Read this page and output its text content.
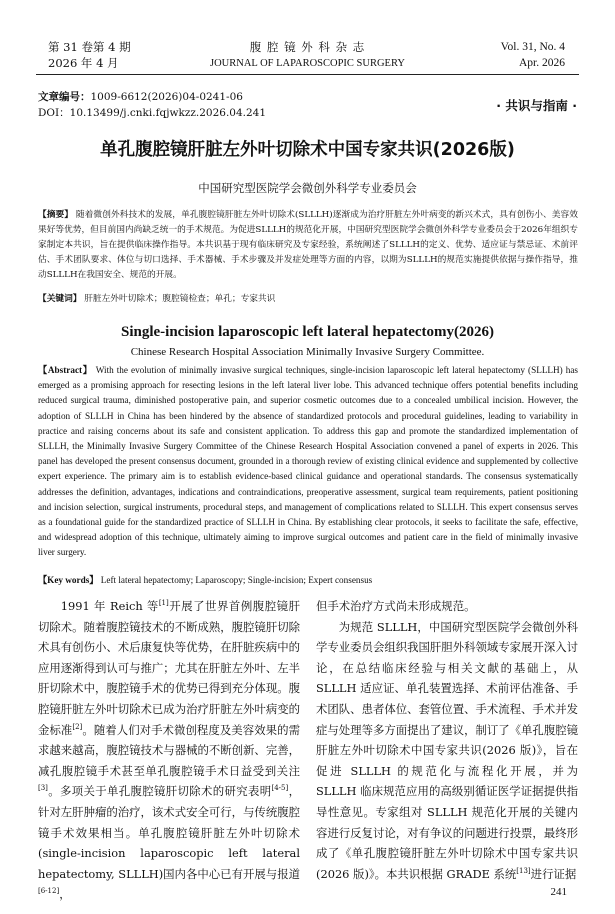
第 31 卷第 4 期
2026 年 4 月
腹 腔 镜 外 科 杂 志
JOURNAL OF LAPAROSCOPIC SURGERY
Vol. 31, No. 4
Apr. 2026
文章编号：1009-6612(2026)04-0241-06
DOI：10.13499/j.cnki.fqjwkzz.2026.04.241	· 共识与指南 ·
单孔腹腔镜肝脏左外叶切除术中国专家共识(2026版)
中国研究型医院学会微创外科学专业委员会
【摘要】 随着微创外科技术的发展，单孔腹腔镜肝脏左外叶切除术(SLLLH)逐渐成为治疗肝脏左外叶病变的新兴术式，具有创伤小、美容效果好等优势，但目前国内尚缺乏统一的手术规范。为促进SLLLH的规范化开展，中国研究型医院学会微创外科学专业委员会于2026年组织专家制定本共识，旨在提供临床操作指导。本共识基于现有临床研究及专家经验，系统阐述了SLLLH的定义、优势、适应证与禁忌证、术前评估、手术团队要求、体位与切口选择、手术器械、手术步骤及并发症处理等方面的内容，以期为SLLLH的规范实施提供依据与操作指导，推动SLLLH在我国安全、规范的开展。
【关键词】 肝脏左外叶切除术；腹腔镜检查；单孔；专家共识
Single-incision laparoscopic left lateral hepatectomy(2026)
Chinese Research Hospital Association Minimally Invasive Surgery Committee.
【Abstract】 With the evolution of minimally invasive surgical techniques, single-incision laparoscopic left lateral hepatectomy (SLLLH) has emerged as a promising approach for resecting lesions in the left lateral liver lobe. This advanced technique offers potential benefits including reduced surgical trauma, diminished postoperative pain, and superior cosmetic outcomes due to a concealed umbilical incision. However, the adoption of SLLLH in China has been hindered by the absence of standardized protocols and procedural guidelines, leading to variability in practice and raising concerns about its safe and consistent application. To address this gap and promote the standardized implementation of SLLLH, the Minimally Invasive Surgery Committee of the Chinese Research Hospital Association convened a panel of experts in 2026. This panel has developed the present consensus document, grounded in a thorough review of existing clinical evidence and supplemented by collective expert experience. The primary aim is to establish evidence-based clinical guidance and operational standards. The consensus systematically addresses the definition, advantages, indications and contraindications, preoperative assessment, surgical team requirements, patient positioning and incision selection, surgical instruments, procedural steps, and management of complications related to SLLLH. This expert consensus serves as a foundational guide for the standardized practice of SLLLH in China. By establishing clear protocols, it seeks to facilitate the safe, effective, and widespread adoption of this technique, ultimately aiming to improve surgical outcomes and patient care in the field of minimally invasive liver surgery.
【Key words】 Left lateral hepatectomy; Laparoscopy; Single-incision; Expert consensus

1991 年 Reich 等[1]开展了世界首例腹腔镜肝切除术。随着腹腔镜技术的不断成熟，腹腔镜肝切除术具有创伤小、术后康复快等优势，在肝脏疾病中的应用逐渐得到认可与推广；尤其在肝脏左外叶、左半肝切除术中，腹腔镜手术的优势已得到充分体现。腹腔镜肝脏左外叶切除术已成为治疗肝脏左外叶病变的金标准[2]。随着人们对手术微创程度及美容效果的需求越来越高，腹腔镜技术与器械的不断创新、完善，减孔腹腔镜手术甚至单孔腹腔镜手术日益受到关注[3]。多项关于单孔腹腔镜肝切除术的研究表明[4-5]，针对左肝肿瘤的治疗，该术式安全可行，与传统腹腔镜手术效果相当。单孔腹腔镜肝脏左外叶切除术(single-incision laparoscopic left lateral hepatectomy, SLLLH)国内各中心已有开展与报道[6-12]，

但手术治疗方式尚未形成规范。

为规范 SLLLH，中国研究型医院学会微创外科学专业委员会组织我国肝胆外科领域专家展开深入讨论，在总结临床经验与相关文献的基础上，从 SLLLH 适应证、单孔装置选择、术前评估准备、手术团队、患者体位、套管位置、手术流程、手术并发症与处理等多方面提出了建议，制订了《单孔腹腔镜肝脏左外叶切除术中国专家共识(2026 版)》，旨在促进 SLLLH 的规范化与流程化开展，并为 SLLLH 临床规范应用的高级别循证医学证据提供指导性意见。专家组对 SLLLH 规范化开展的关键内容进行反复讨论，对有争议的问题进行投票，最终形成了《单孔腹腔镜肝脏左外叶切除术中国专家共识(2026 版)》。本共识根据 GRADE 系统[13]进行证据

241
